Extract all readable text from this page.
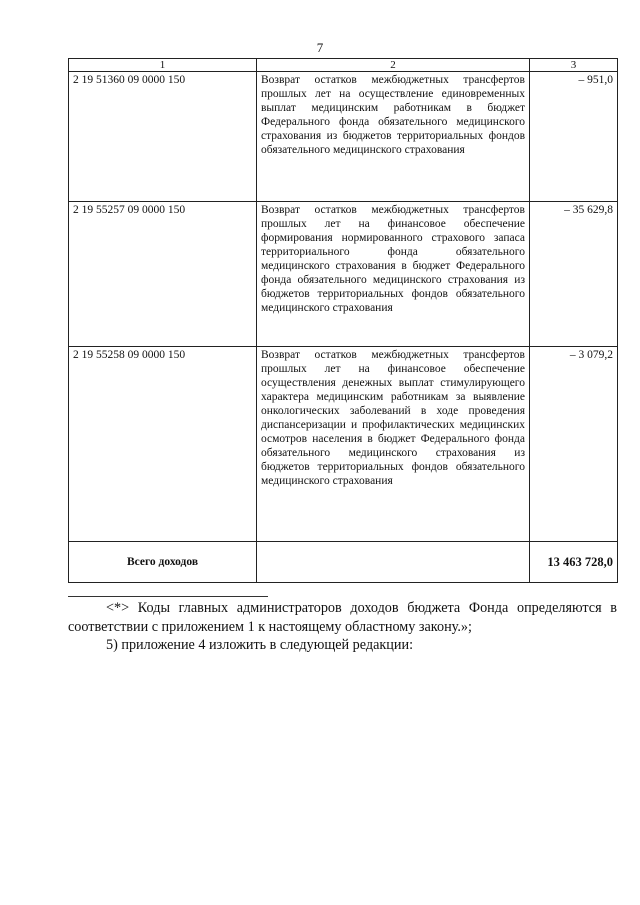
7
1	2	3
2 19 51360 09 0000 150	Возврат остатков межбюджетных трансфертов прошлых лет на осуществление единовременных выплат медицинским работникам в бюджет Федерального фонда обязательного медицинского страхования из бюджетов территориальных фондов обязательного медицинского страхования	– 951,0
2 19 55257 09 0000 150	Возврат остатков межбюджетных трансфертов прошлых лет на финансовое обеспечение формирования нормированного страхового запаса территориального фонда обязательного медицинского страхования в бюджет Федерального фонда обязательного медицинского страхования из бюджетов территориальных фондов обязательного медицинского страхования	– 35 629,8
2 19 55258 09 0000 150	Возврат остатков межбюджетных трансфертов прошлых лет на финансовое обеспечение осуществления денежных выплат стимулирующего характера медицинским работникам за выявление онкологических заболеваний в ходе проведения диспансеризации и профилактических медицинских осмотров населения в бюджет Федерального фонда обязательного медицинского страхования из бюджетов территориальных фондов обязательного медицинского страхования	– 3 079,2
Всего доходов		13 463 728,0
<*> Коды главных администраторов доходов бюджета Фонда определяются в соответствии с приложением 1 к настоящему областному закону.»;
5) приложение 4 изложить в следующей редакции:
